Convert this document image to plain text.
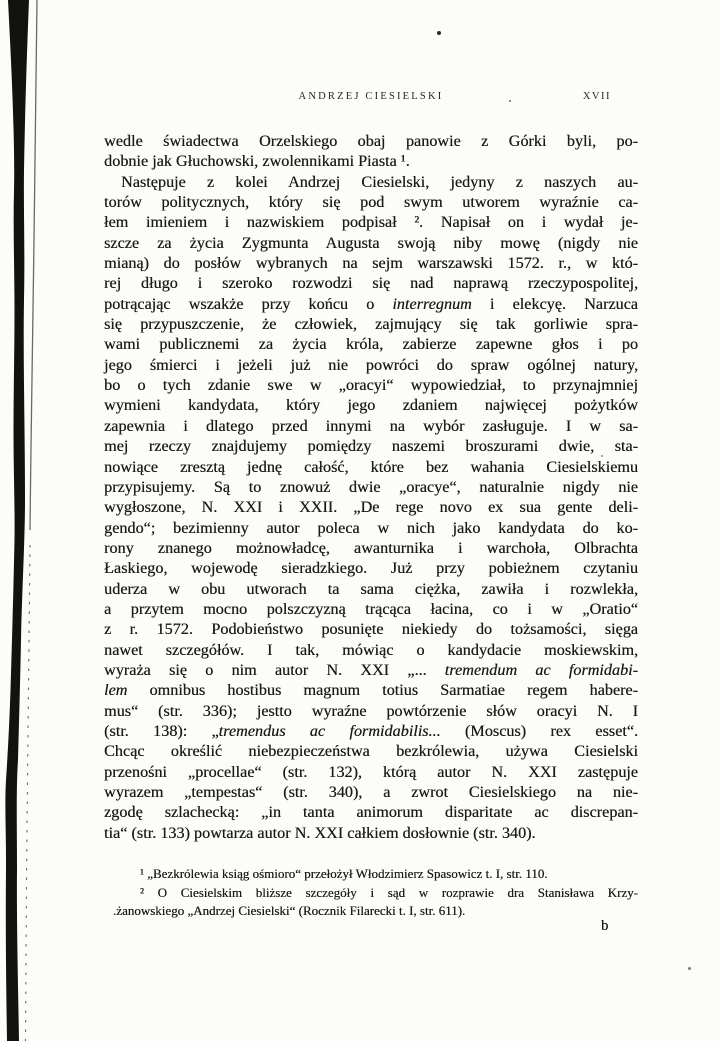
ANDRZEJ CIESIELSKI	XVII
wedle świadectwa Orzelskiego obaj panowie z Górki byli, po-
dobnie jak Głuchowski, zwolennikami Piasta ¹.
Następuje z kolei Andrzej Ciesielski, jedyny z naszych au-
torów politycznych, który się pod swym utworem wyraźnie ca-
łem imieniem i nazwiskiem podpisał ². Napisał on i wydał je-
szcze za życia Zygmunta Augusta swoją niby mowę (nigdy nie
mianą) do posłów wybranych na sejm warszawski 1572. r., w któ-
rej długo i szeroko rozwodzi się nad naprawą rzeczypospolitej,
potrącając wszakże przy końcu o interregnum i elekcyę. Narzuca
się przypuszczenie, że człowiek, zajmujący się tak gorliwie spra-
wami publicznemi za życia króla, zabierze zapewne głos i po
jego śmierci i jeżeli już nie powróci do spraw ogólnej natury,
bo o tych zdanie swe w „oracyi“ wypowiedział, to przynajmniej
wymieni kandydata, który jego zdaniem najwięcej pożytków
zapewnia i dlatego przed innymi na wybór zasługuje. I w sa-
mej rzeczy znajdujemy pomiędzy naszemi broszurami dwie, sta-
nowiące zresztą jednę całość, które bez wahania Ciesielskiemu
przypisujemy. Są to znowuż dwie „oracye“, naturalnie nigdy nie
wygłoszone, N. XXI i XXII. „De rege novo ex sua gente deli-
gendo“; bezimienny autor poleca w nich jako kandydata do ko-
rony znanego możnowładcę, awanturnika i warchoła, Olbrachta
Łaskiego, wojewodę sieradzkiego. Już przy pobieżnem czytaniu
uderza w obu utworach ta sama ciężka, zawiła i rozwlekła,
a przytem mocno polszczyzną trącąca łacina, co i w „Oratio“
z r. 1572. Podobieństwo posunięte niekiedy do tożsamości, sięga
nawet szczegółów. I tak, mówiąc o kandydacie moskiewskim,
wyraża się o nim autor N. XXI „... tremendum ac formidabi-
lem omnibus hostibus magnum totius Sarmatiae regem habere-
mus“ (str. 336); jestto wyraźne powtórzenie słów oracyi N. I
(str. 138): „tremendus ac formidabilis... (Moscus) rex esset“.
Chcąc określić niebezpieczeństwa bezkrólewia, używa Ciesielski
przenośni „procellae“ (str. 132), którą autor N. XXI zastępuje
wyrazem „tempestas“ (str. 340), a zwrot Ciesielskiego na nie-
zgodę szlachecką: „in tanta animorum disparitate ac discrepan-
tia“ (str. 133) powtarza autor N. XXI całkiem dosłownie (str. 340).
¹ „Bezkrólewia ksiąg ośmioro“ przełożył Włodzimierz Spasowicz t. I, str. 110.
² O Ciesielskim bliższe szczegóły i sąd w rozprawie dra Stanisława Krzy-
.żanowskiego „Andrzej Ciesielski“ (Rocznik Filarecki t. I, str. 611).
b
